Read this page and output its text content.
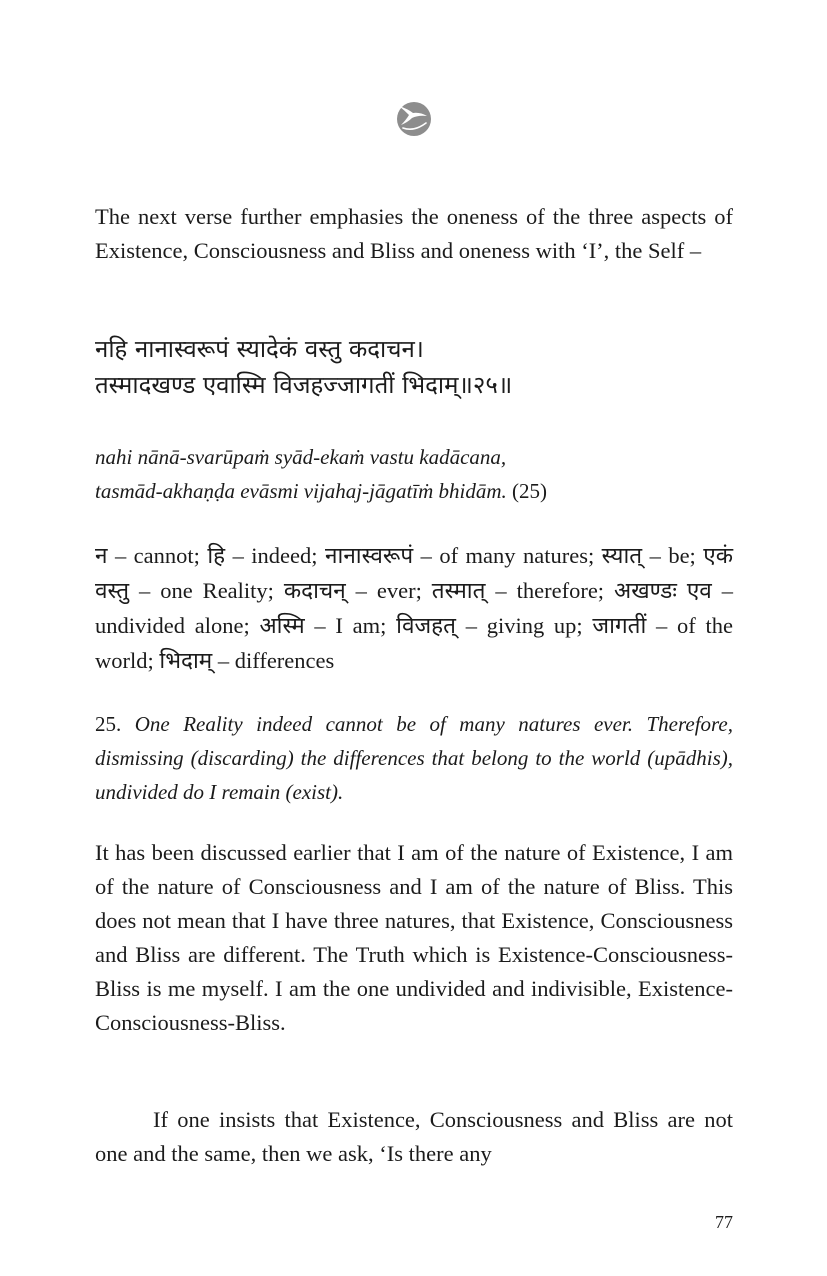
The next verse further emphasies the oneness of the three aspects of Existence, Consciousness and Bliss and oneness with ‘I’, the Self –

नहि नानास्वरूपं स्यादेकं वस्तु कदाचन।
तस्मादखण्ड एवास्मि विजहज्जागतीं भिदाम्॥२५॥
nahi nānā-svarūpaṁ syād-ekaṁ vastu kadācana,
tasmād-akhaṇḍa evāsmi vijahaj-jāgatīṁ bhidām. (25)

न – cannot; हि – indeed; नानास्वरूपं – of many natures; स्यात् – be; एकं वस्तु – one Reality; कदाचन् – ever; तस्मात् – therefore; अखण्डः एव – undivided alone; अस्मि – I am; विजहत् – giving up; जागतीं – of the world; भिदाम् – differences

25. One Reality indeed cannot be of many natures ever. Therefore, dismissing (discarding) the differences that belong to the world (upādhis), undivided do I remain (exist).

It has been discussed earlier that I am of the nature of Existence, I am of the nature of Consciousness and I am of the nature of Bliss. This does not mean that I have three natures, that Existence, Consciousness and Bliss are different. The Truth which is Existence-Consciousness-Bliss is me myself. I am the one undivided and indivisible, Existence-Consciousness-Bliss.

If one insists that Existence, Consciousness and Bliss are not one and the same, then we ask, ‘Is there any

77
